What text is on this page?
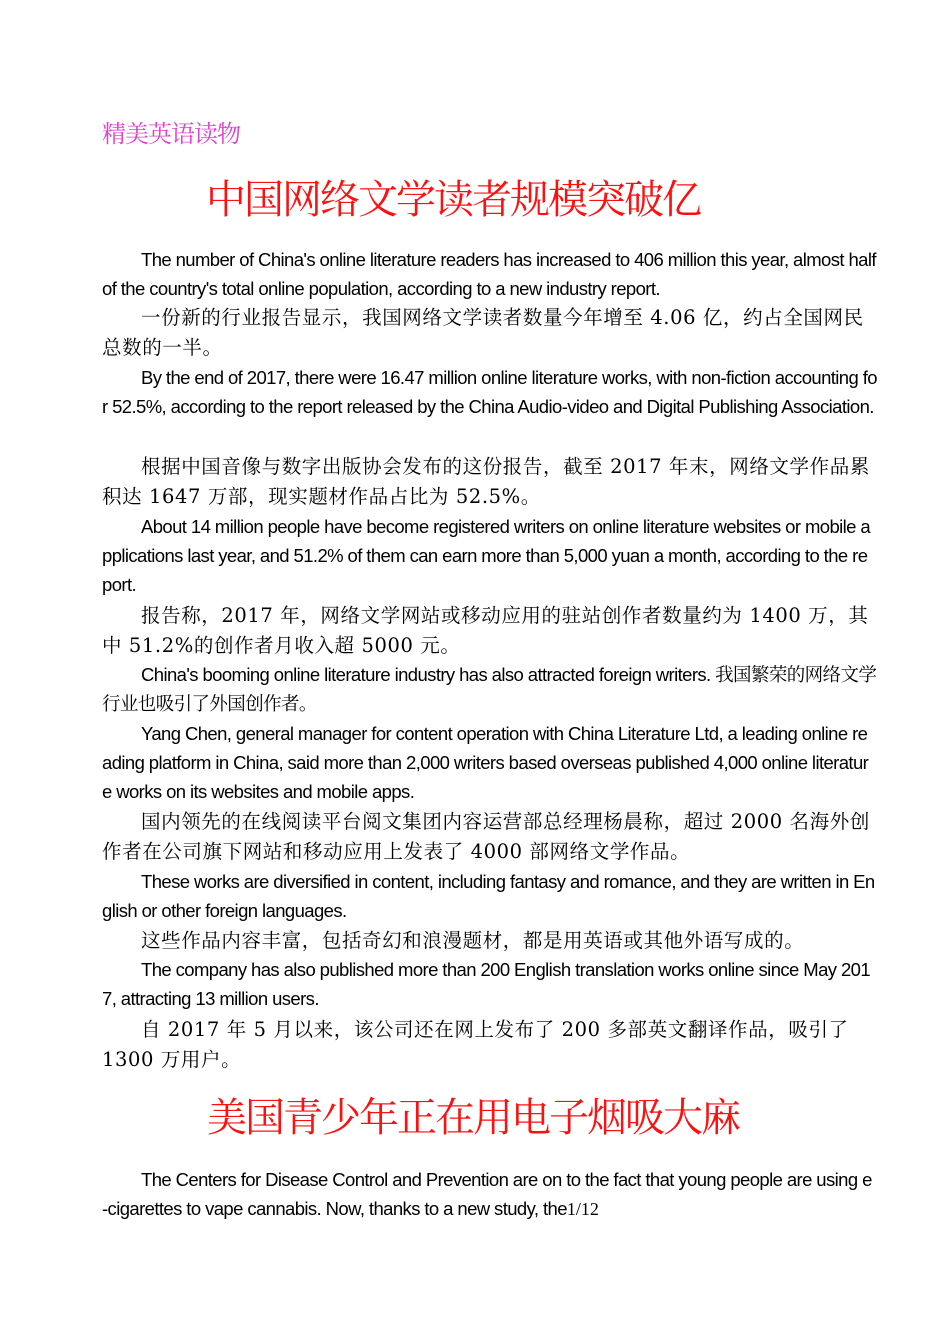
精美英语读物
中国网络文学读者规模突破亿
The number of China's online literature readers has increased to 406 million this year, almost half of the country's total online population, according to a new industry report.
一份新的行业报告显示，我国网络文学读者数量今年增至 4.06 亿，约占全国网民总数的一半。
By the end of 2017, there were 16.47 million online literature works, with non-fiction accounting for 52.5%, according to the report released by the China Audio-video and Digital Publishing Association.
根据中国音像与数字出版协会发布的这份报告，截至 2017 年末，网络文学作品累积达 1647 万部，现实题材作品占比为 52.5%。
About 14 million people have become registered writers on online literature websites or mobile applications last year, and 51.2% of them can earn more than 5,000 yuan a month, according to the report.
报告称，2017 年，网络文学网站或移动应用的驻站创作者数量约为 1400 万，其中 51.2%的创作者月收入超 5000 元。
China's booming online literature industry has also attracted foreign writers. 我国繁荣的网络文学行业也吸引了外国创作者。
Yang Chen, general manager for content operation with China Literature Ltd, a leading online reading platform in China, said more than 2,000 writers based overseas published 4,000 online literature works on its websites and mobile apps.
国内领先的在线阅读平台阅文集团内容运营部总经理杨晨称，超过 2000 名海外创作者在公司旗下网站和移动应用上发表了 4000 部网络文学作品。
These works are diversified in content, including fantasy and romance, and they are written in English or other foreign languages.
这些作品内容丰富，包括奇幻和浪漫题材，都是用英语或其他外语写成的。
The company has also published more than 200 English translation works online since May 2017, attracting 13 million users.
自 2017 年 5 月以来，该公司还在网上发布了 200 多部英文翻译作品，吸引了 1300 万用户。
美国青少年正在用电子烟吸大麻
The Centers for Disease Control and Prevention are on to the fact that young people are using e-cigarettes to vape cannabis. Now, thanks to a new study, the1/12
